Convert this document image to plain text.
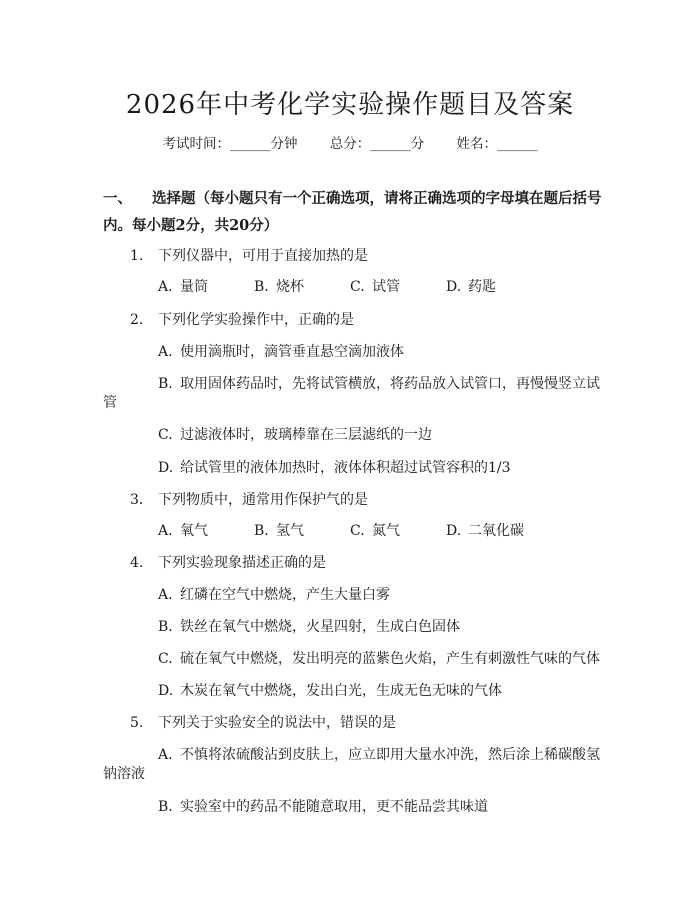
2026年中考化学实验操作题目及答案
考试时间：______分钟 总分：______分 姓名：______
一、 选择题（每小题只有一个正确选项，请将正确选项的字母填在题后括号内。每小题2分，共20分）
1. 下列仪器中，可用于直接加热的是
A. 量筒	B. 烧杯	C. 试管	D. 药匙
2. 下列化学实验操作中，正确的是
A. 使用滴瓶时，滴管垂直悬空滴加液体
B. 取用固体药品时，先将试管横放，将药品放入试管口，再慢慢竖立试
管
C. 过滤液体时，玻璃棒靠在三层滤纸的一边
D. 给试管里的液体加热时，液体体积超过试管容积的1/3
3. 下列物质中，通常用作保护气的是
A. 氧气	B. 氢气	C. 氮气	D. 二氧化碳
4. 下列实验现象描述正确的是
A. 红磷在空气中燃烧，产生大量白雾
B. 铁丝在氧气中燃烧，火星四射，生成白色固体
C. 硫在氧气中燃烧，发出明亮的蓝紫色火焰，产生有刺激性气味的气体
D. 木炭在氧气中燃烧，发出白光，生成无色无味的气体
5. 下列关于实验安全的说法中，错误的是
A. 不慎将浓硫酸沾到皮肤上，应立即用大量水冲洗，然后涂上稀碳酸氢
钠溶液
B. 实验室中的药品不能随意取用，更不能品尝其味道
